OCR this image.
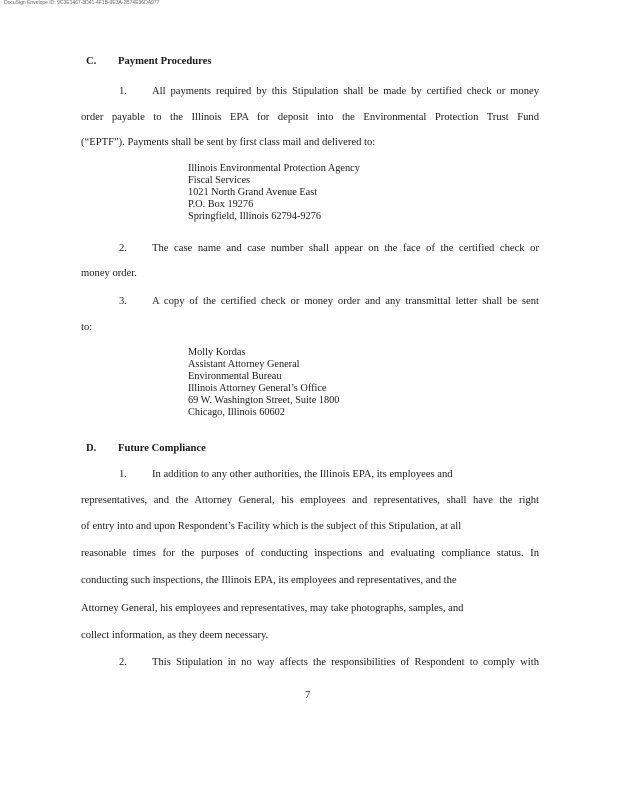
DocuSign Envelope ID: 9C3E1467-3D41-4F1B-9E3A-2B74E36DA977
C. Payment Procedures
1. All payments required by this Stipulation shall be made by certified check or money
order payable to the Illinois EPA for deposit into the Environmental Protection Trust Fund
(“EPTF”). Payments shall be sent by first class mail and delivered to:
Illinois Environmental Protection Agency
Fiscal Services
1021 North Grand Avenue East
P.O. Box 19276
Springfield, Illinois 62794-9276
2. The case name and case number shall appear on the face of the certified check or
money order.
3. A copy of the certified check or money order and any transmittal letter shall be sent
to:
Molly Kordas
Assistant Attorney General
Environmental Bureau
Illinois Attorney General’s Office
69 W. Washington Street, Suite 1800
Chicago, Illinois 60602
D. Future Compliance
1. In addition to any other authorities, the Illinois EPA, its employees and
representatives, and the Attorney General, his employees and representatives, shall have the right
of entry into and upon Respondent’s Facility which is the subject of this Stipulation, at all
reasonable times for the purposes of conducting inspections and evaluating compliance status. In
conducting such inspections, the Illinois EPA, its employees and representatives, and the
Attorney General, his employees and representatives, may take photographs, samples, and
collect information, as they deem necessary.
2. This Stipulation in no way affects the responsibilities of Respondent to comply with
7
